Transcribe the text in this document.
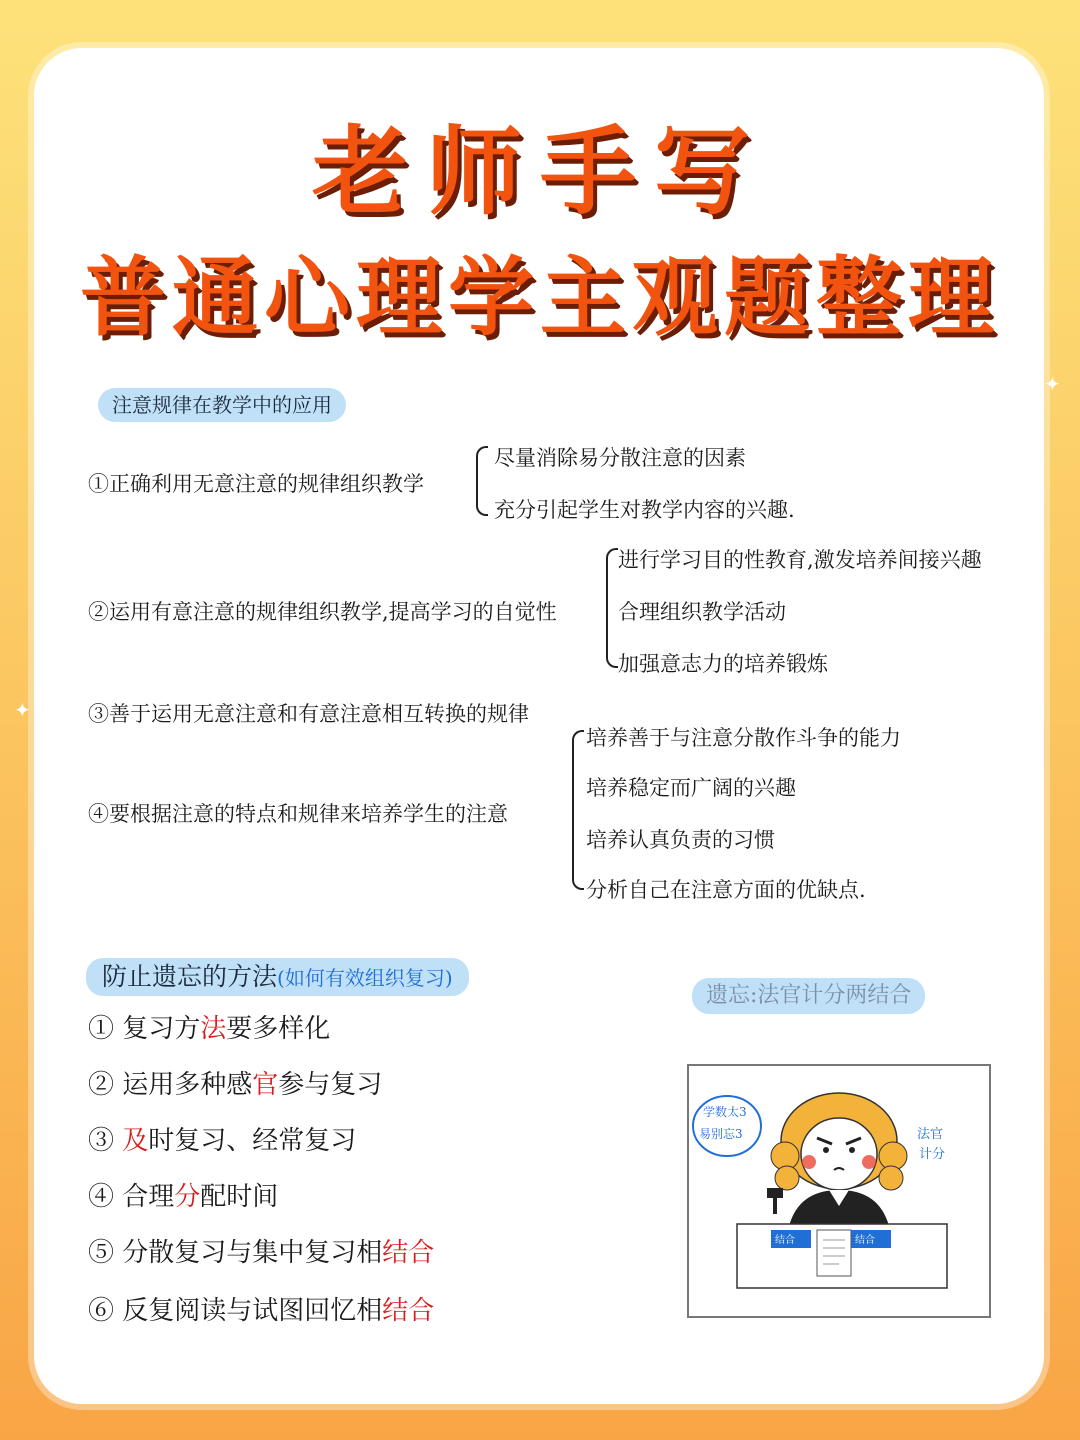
✦
✦
老师手写
普通心理学主观题整理
注意规律在教学中的应用
①正确利用无意注意的规律组织教学
尽量消除易分散注意的因素
充分引起学生对教学内容的兴趣.
②运用有意注意的规律组织教学,提高学习的自觉性
进行学习目的性教育,激发培养间接兴趣
合理组织教学活动
加强意志力的培养锻炼
③善于运用无意注意和有意注意相互转换的规律
④要根据注意的特点和规律来培养学生的注意
培养善于与注意分散作斗争的能力
培养稳定而广阔的兴趣
培养认真负责的习惯
分析自己在注意方面的优缺点.
防止遗忘的方法(如何有效组织复习)
① 复习方法要多样化
② 运用多种感官参与复习
③ 及时复习、经常复习
④ 合理分配时间
⑤ 分散复习与集中复习相结合
⑥ 反复阅读与试图回忆相结合
遗忘:法官计分两结合
学数太3
易别忘3	法官
计分
结合	结合
